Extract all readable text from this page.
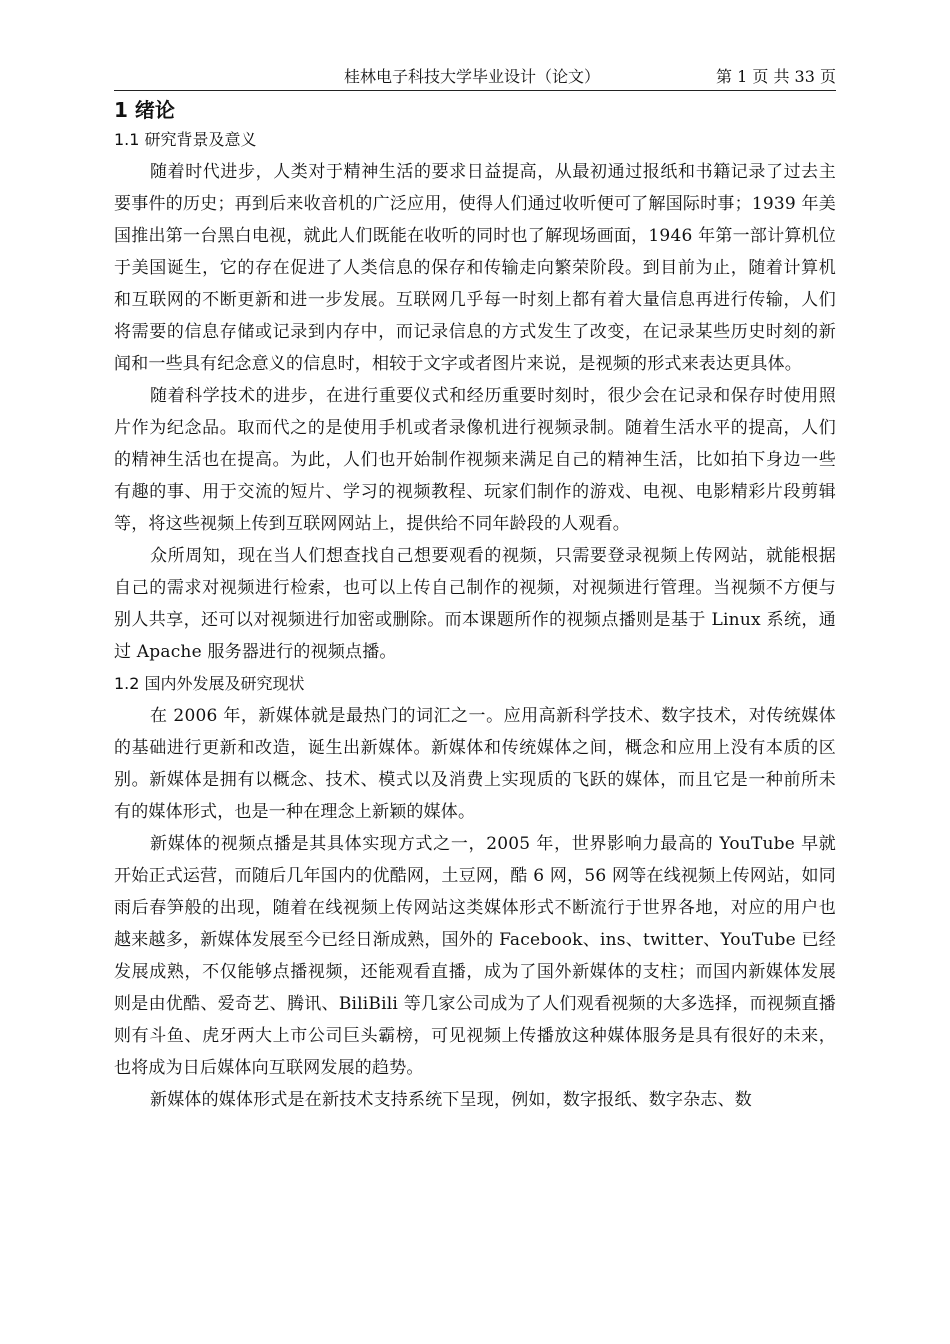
桂林电子科技大学毕业设计（论文）	第 1 页 共 33 页
1 绪论
1.1 研究背景及意义

随着时代进步，人类对于精神生活的要求日益提高，从最初通过报纸和书籍记录了过去主要事件的历史；再到后来收音机的广泛应用，使得人们通过收听便可了解国际时事；1939 年美国推出第一台黑白电视，就此人们既能在收听的同时也了解现场画面，1946 年第一部计算机位于美国诞生，它的存在促进了人类信息的保存和传输走向繁荣阶段。到目前为止，随着计算机和互联网的不断更新和进一步发展。互联网几乎每一时刻上都有着大量信息再进行传输，人们将需要的信息存储或记录到内存中，而记录信息的方式发生了改变，在记录某些历史时刻的新闻和一些具有纪念意义的信息时，相较于文字或者图片来说，是视频的形式来表达更具体。

随着科学技术的进步，在进行重要仪式和经历重要时刻时，很少会在记录和保存时使用照片作为纪念品。取而代之的是使用手机或者录像机进行视频录制。随着生活水平的提高，人们的精神生活也在提高。为此，人们也开始制作视频来满足自己的精神生活，比如拍下身边一些有趣的事、用于交流的短片、学习的视频教程、玩家们制作的游戏、电视、电影精彩片段剪辑等，将这些视频上传到互联网网站上，提供给不同年龄段的人观看。

众所周知，现在当人们想查找自己想要观看的视频，只需要登录视频上传网站，就能根据自己的需求对视频进行检索，也可以上传自己制作的视频，对视频进行管理。当视频不方便与别人共享，还可以对视频进行加密或删除。而本课题所作的视频点播则是基于 Linux 系统，通过 Apache 服务器进行的视频点播。

1.2 国内外发展及研究现状

在 2006 年，新媒体就是最热门的词汇之一。应用高新科学技术、数字技术，对传统媒体的基础进行更新和改造，诞生出新媒体。新媒体和传统媒体之间，概念和应用上没有本质的区别。新媒体是拥有以概念、技术、模式以及消费上实现质的飞跃的媒体，而且它是一种前所未有的媒体形式，也是一种在理念上新颖的媒体。

新媒体的视频点播是其具体实现方式之一，2005 年，世界影响力最高的 YouTube 早就开始正式运营，而随后几年国内的优酷网，土豆网，酷 6 网，56 网等在线视频上传网站，如同雨后春笋般的出现，随着在线视频上传网站这类媒体形式不断流行于世界各地，对应的用户也越来越多，新媒体发展至今已经日渐成熟，国外的 Facebook、ins、twitter、YouTube 已经发展成熟，不仅能够点播视频，还能观看直播，成为了国外新媒体的支柱；而国内新媒体发展则是由优酷、爱奇艺、腾讯、BiliBili 等几家公司成为了人们观看视频的大多选择，而视频直播则有斗鱼、虎牙两大上市公司巨头霸榜，可见视频上传播放这种媒体服务是具有很好的未来，也将成为日后媒体向互联网发展的趋势。

新媒体的媒体形式是在新技术支持系统下呈现，例如，数字报纸、数字杂志、数
